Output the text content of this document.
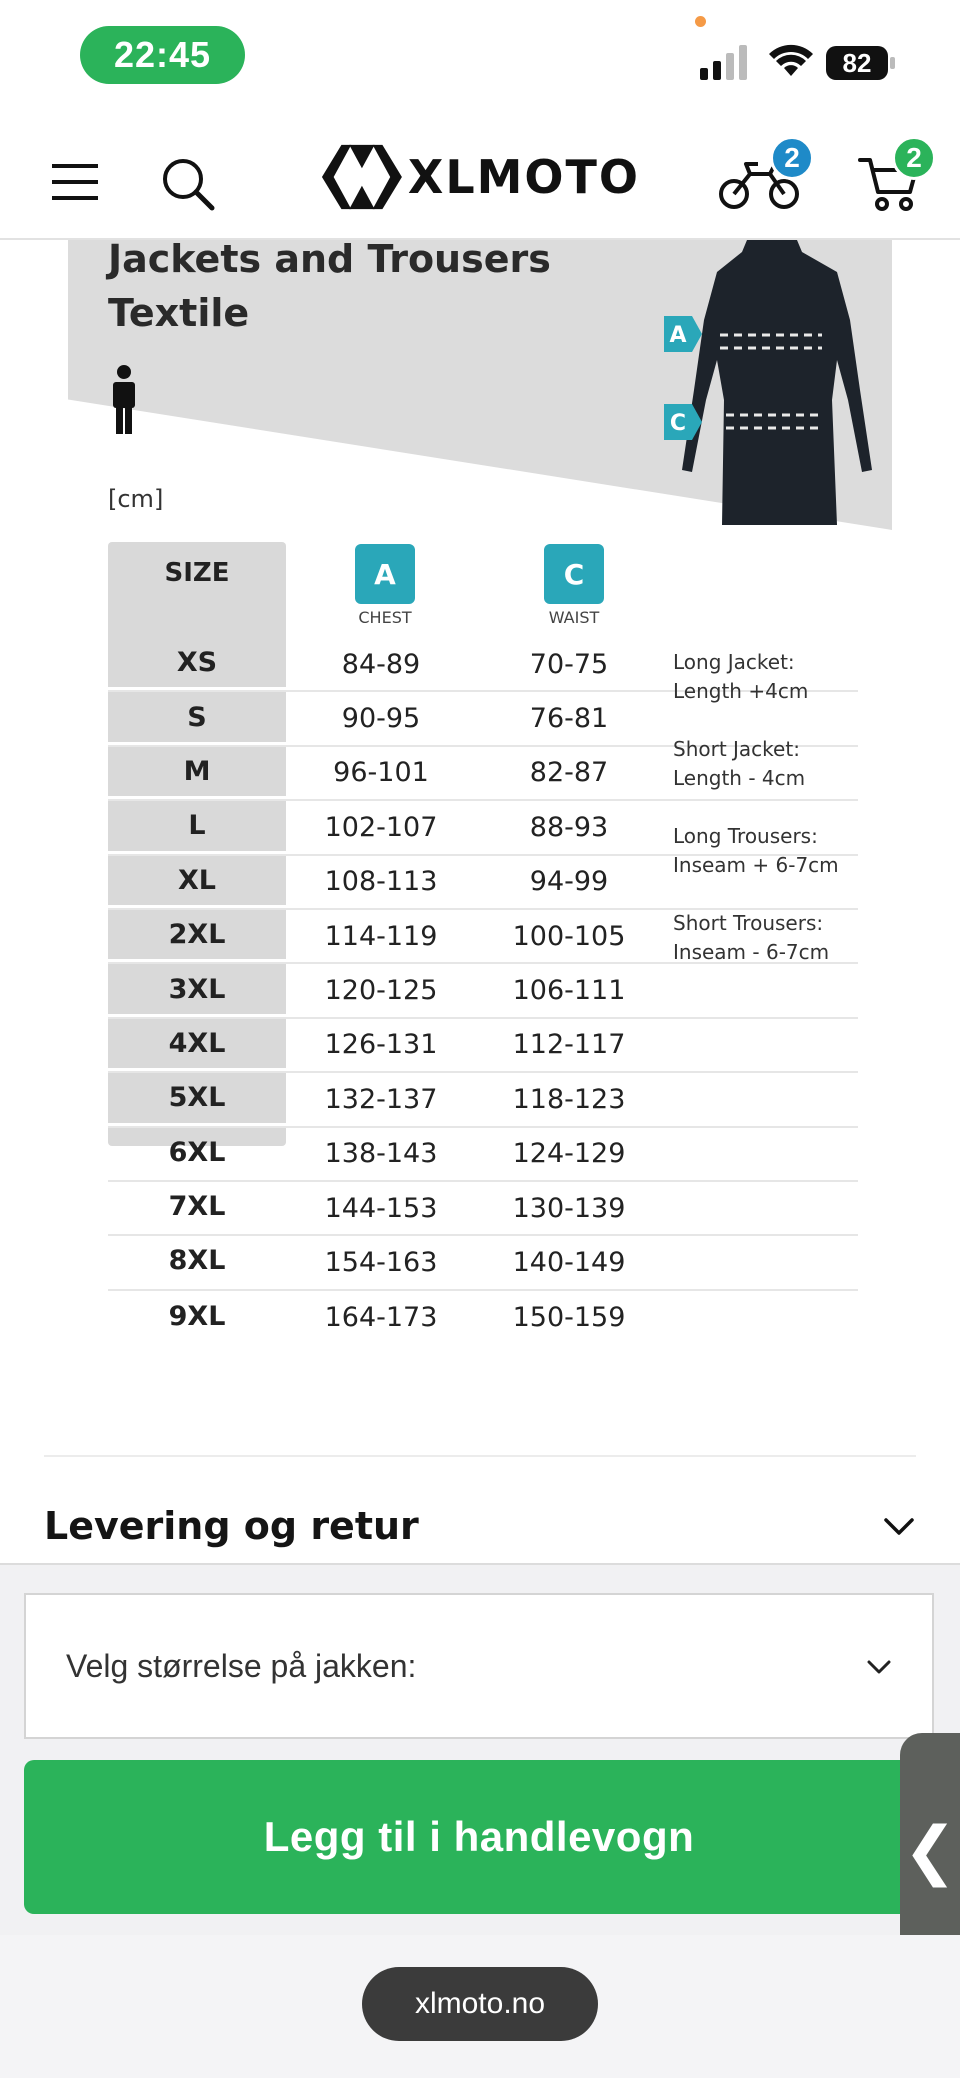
22:45	82
XLMOTO	2	2
Jackets and Trousers
Textile
A
C
[cm]
SIZE	A
CHEST
C
WAIST
XS	84-89	70-75
S	90-95	76-81
M	96-101	82-87
L	102-107	88-93
XL	108-113	94-99
2XL	114-119	100-105
3XL	120-125	106-111
4XL	126-131	112-117
5XL	132-137	118-123
6XL	138-143	124-129
7XL	144-153	130-139
8XL	154-163	140-149
9XL	164-173	150-159
Long Jacket:
Length +4cm
Short Jacket:
Length - 4cm
Long Trousers:
Inseam + 6-7cm
Short Trousers:
Inseam - 6-7cm
Levering og retur
Velg størrelse på jakken:
Legg til i handlevogn	❮
xlmoto.no
